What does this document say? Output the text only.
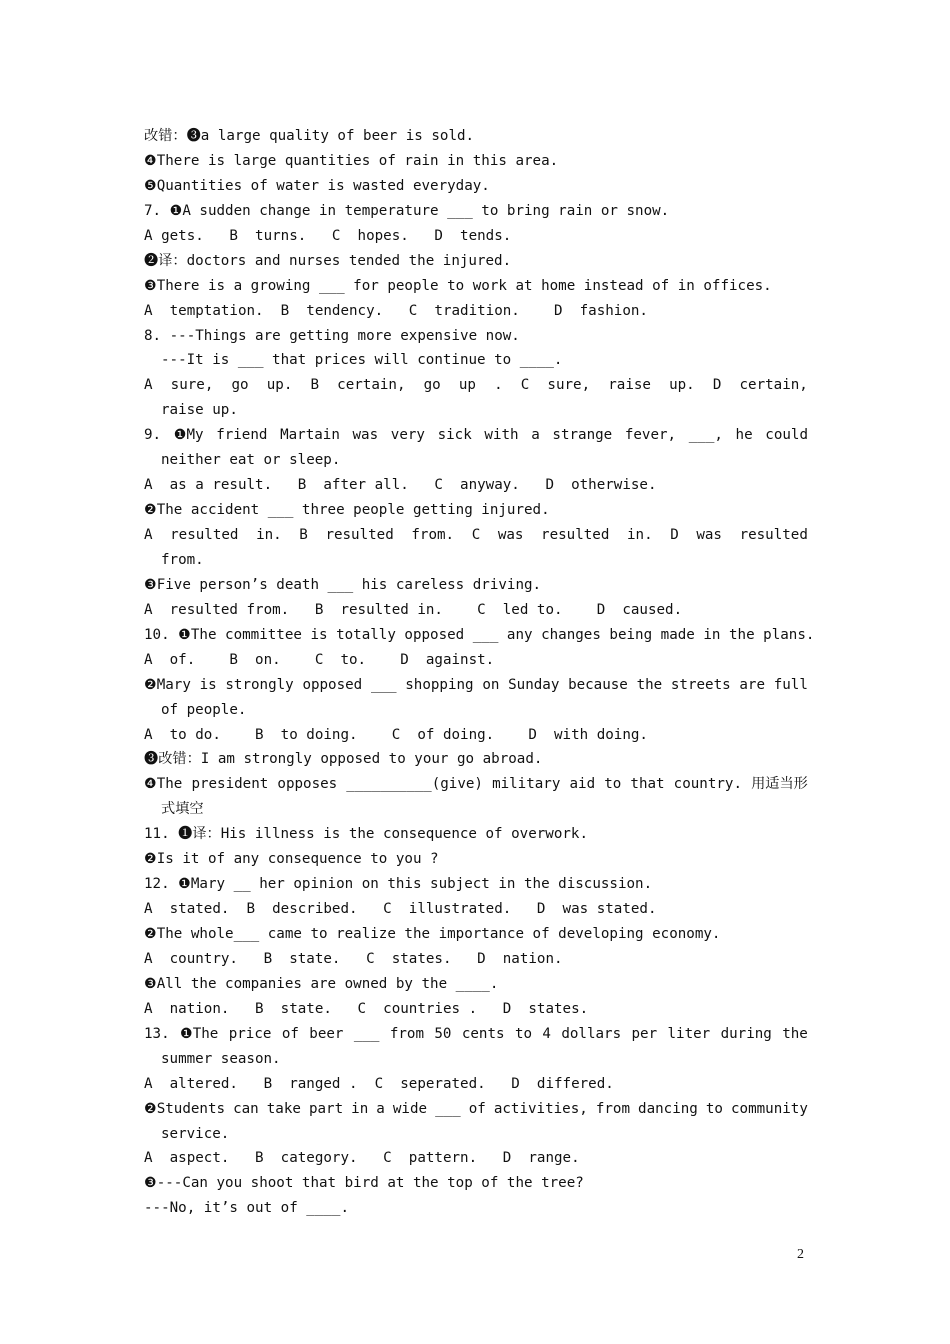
改错：❸a large quality of beer is sold.
❹There is large quantities of rain in this area.
❺Quantities of water is wasted everyday.
7. ❶A sudden change in temperature ___ to bring rain or snow.
A gets.   B  turns.   C  hopes.   D  tends.
❷译：doctors and nurses tended the injured.
❸There is a growing ___ for people to work at home instead of in offices.
A  temptation.  B  tendency.   C  tradition.    D  fashion.
8. ---Things are getting more expensive now.
---It is ___ that prices will continue to ____.
A sure, go up. B certain, go up . C sure, raise up. D certain,
raise up.
9. ❶My friend Martain was very sick with a strange fever, ___, he could
neither eat or sleep.
A  as a result.   B  after all.   C  anyway.   D  otherwise.
❷The accident ___ three people getting injured.
A resulted in. B resulted from. C was resulted in. D was resulted
from.
❸Five person’s death ___ his careless driving.
A  resulted from.   B  resulted in.    C  led to.    D  caused.
10. ❶The committee is totally opposed ___ any changes being made in the plans.
A  of.    B  on.    C  to.    D  against.
❷Mary is strongly opposed ___ shopping on Sunday because the streets are full
of people.
A  to do.    B  to doing.    C  of doing.    D  with doing.
❸改错：I am strongly opposed to your go abroad.
❹The president opposes __________(give) military aid to that country. 用适当形
式填空
11. ❶译：His illness is the consequence of overwork.
❷Is it of any consequence to you ?
12. ❶Mary __ her opinion on this subject in the discussion.
A  stated.  B  described.   C  illustrated.   D  was stated.
❷The whole___ came to realize the importance of developing economy.
A  country.   B  state.   C  states.   D  nation.
❸All the companies are owned by the ____.
A  nation.   B  state.   C  countries .   D  states.
13. ❶The price of beer ___ from 50 cents to 4 dollars per liter during the
summer season.
A  altered.   B  ranged .  C  seperated.   D  differed.
❷Students can take part in a wide ___ of activities, from dancing to community
service.
A  aspect.   B  category.   C  pattern.   D  range.
❸---Can you shoot that bird at the top of the tree?
---No, it’s out of ____.
2
